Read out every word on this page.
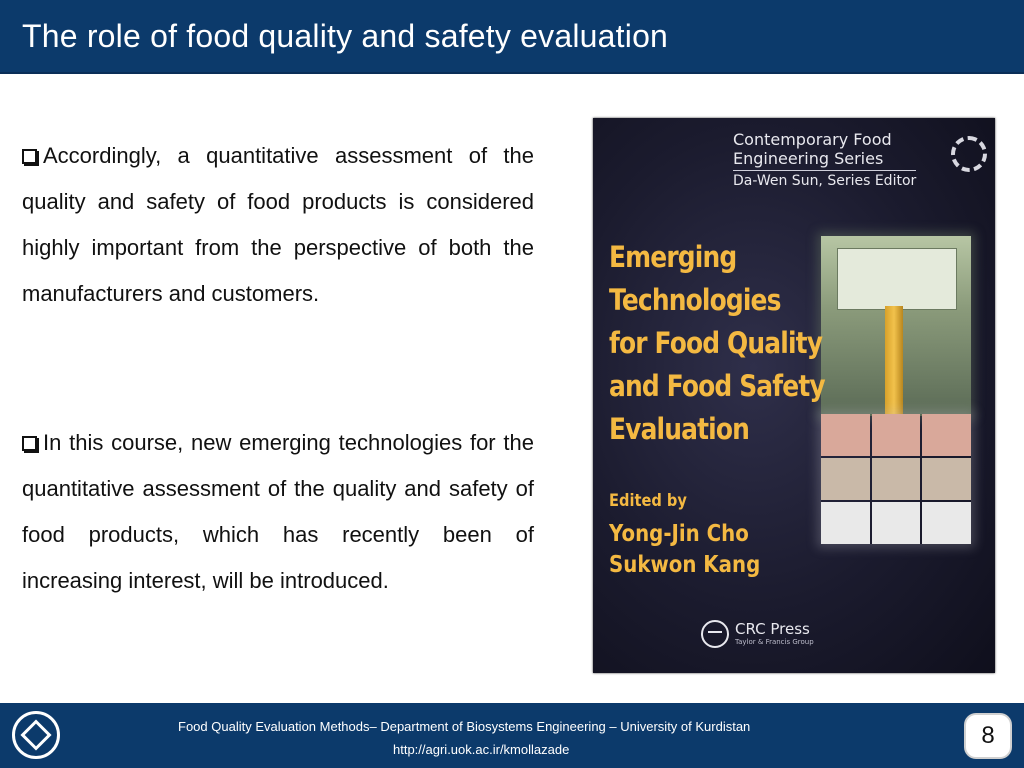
The role of food quality and safety evaluation
Accordingly, a quantitative assessment of the quality and safety of food products is considered highly important from the perspective of both the manufacturers and customers.
In this course, new emerging technologies for the quantitative assessment of the quality and safety of food products, which has recently been of increasing interest, will be introduced.
Contemporary Food
Engineering Series
Da-Wen Sun, Series Editor
Emerging
Technologies
for Food Quality
and Food Safety
Evaluation
Edited by
Yong-Jin Cho
Sukwon Kang
CRC Press
Taylor & Francis Group
Food Quality Evaluation Methods– Department of Biosystems Engineering – University of Kurdistan
http://agri.uok.ac.ir/kmollazade
8
